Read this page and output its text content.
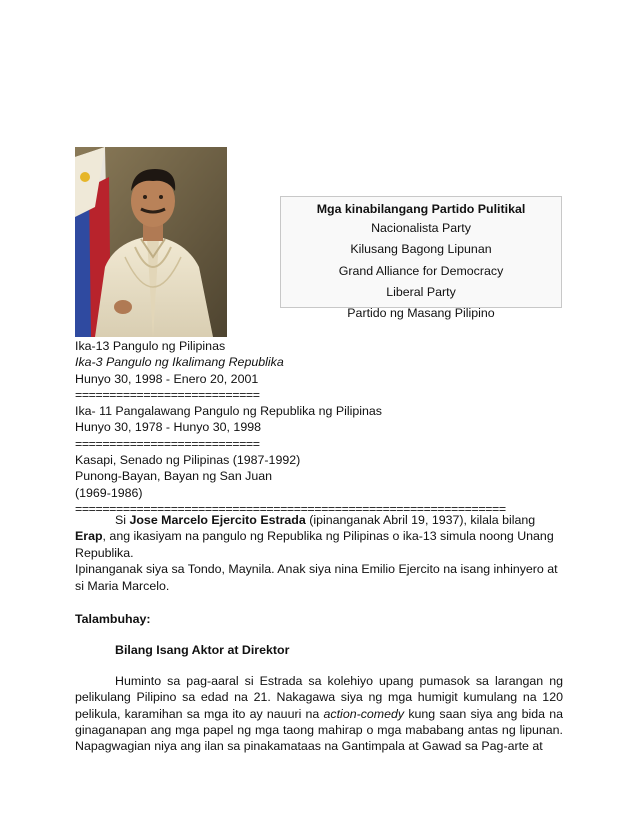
Mga kinabilangang Partido Pulitikal
Nacionalista Party
Kilusang Bagong Lipunan
Grand Alliance for Democracy
Liberal Party
Partido ng Masang Pilipino
Ika-13 Pangulo ng Pilipinas
Ika-3 Pangulo ng Ikalimang Republika
Hunyo 30, 1998 - Enero 20, 2001
===========================
Ika- 11 Pangalawang Pangulo ng Republika ng Pilipinas
Hunyo 30, 1978 - Hunyo 30, 1998
===========================
Kasapi, Senado ng Pilipinas (1987-1992)
Punong-Bayan, Bayan ng San Juan
(1969-1986)
===============================================================

Si Jose Marcelo Ejercito Estrada (ipinanganak Abril 19, 1937), kilala bilang Erap, ang ikasiyam na pangulo ng Republika ng Pilipinas o ika-13 simula noong Unang Republika.

Ipinanganak siya sa Tondo, Maynila. Anak siya nina Emilio Ejercito na isang inhinyero at si Maria Marcelo.

Talambuhay:

Bilang Isang Aktor at Direktor

Huminto sa pag-aaral si Estrada sa kolehiyo upang pumasok sa larangan ng pelikulang Pilipino sa edad na 21. Nakagawa siya ng mga humigit kumulang na 120 pelikula, karamihan sa mga ito ay nauuri na action-comedy kung saan siya ang bida na ginaganapan ang mga papel ng mga taong mahirap o mga mababang antas ng lipunan. Napagwagian niya ang ilan sa pinakamataas na Gantimpala at Gawad sa Pag-arte at
